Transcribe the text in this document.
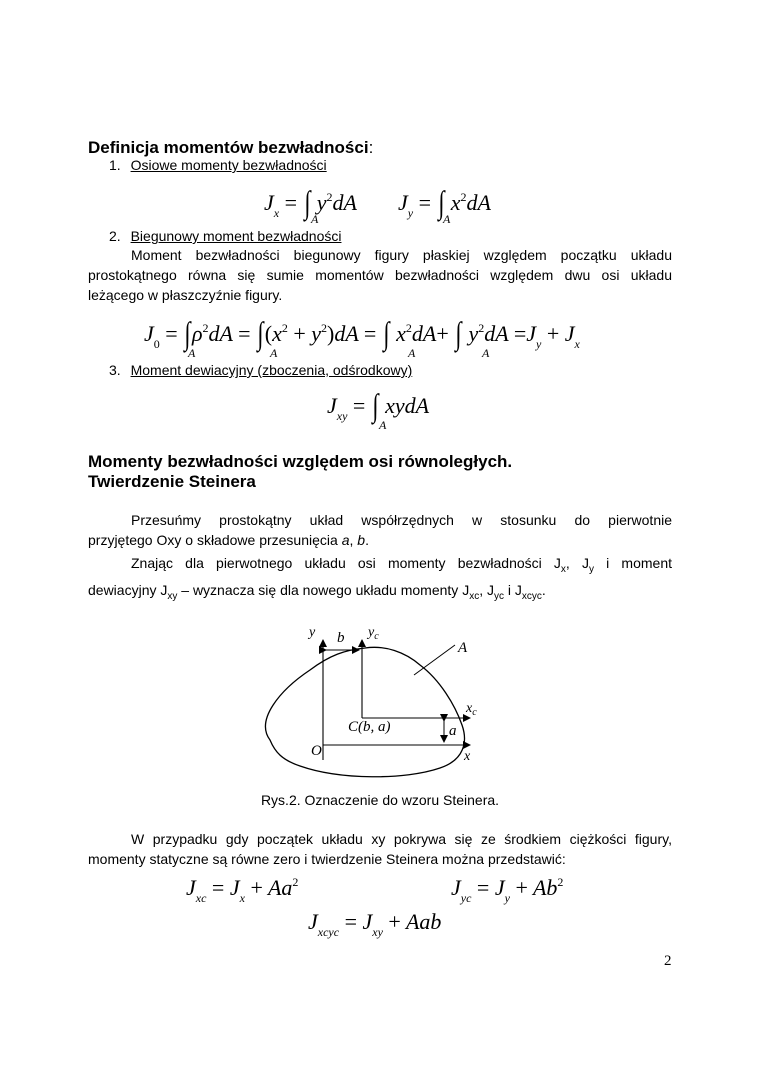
Definicja momentów bezwładności:
1. Osiowe momenty bezwładności
$J_x$ = ∫ $y^2dA$
A
$J_y$ = ∫ $x^2dA$
A
2. Biegunowy moment bezwładności
Moment bezwładności biegunowy figury płaskiej względem początku układu
prostokątnego równa się sumie momentów bezwładności względem dwu osi układu
leżącego w płaszczyźnie figury.
$J_0 = \int\rho^2dA = \int(x^2 + y^2)dA$ = ∫ $x^2dA+$ ∫ $y^2dA =J_y + J_x$
A	A	A	A
3. Moment dewiacyjny (zboczenia, odśrodkowy)
$J_{xy}$ = ∫ xydA
A
Momenty bezwładności względem osi równoległych.
Twierdzenie Steinera
Przesuńmy prostokątny układ współrzędnych w stosunku do pierwotnie
przyjętego Oxy o składowe przesunięcia a, b.
Znając dla pierwotnego układu osi momenty bezwładności $J_x$, $J_y$ i moment
dewiacyjny $J_{xy}$ – wyznacza się dla nowego układu momenty $J_{xc}$, $J_{yc}$ i $J_{xcyc}$.
y b $y_c$
A
$x_c$
C(b, a)	a
O	x
Rys.2. Oznaczenie do wzoru Steinera.
W przypadku gdy początek układu xy pokrywa się ze środkiem ciężkości figury,
momenty statyczne są równe zero i twierdzenie Steinera można przedstawić:
$J_{xc} = J_x + Aa^2$	$J_{yc} = J_y + Ab^2$
$J_{xcyc} = J_{xy}$ + Aab
2
